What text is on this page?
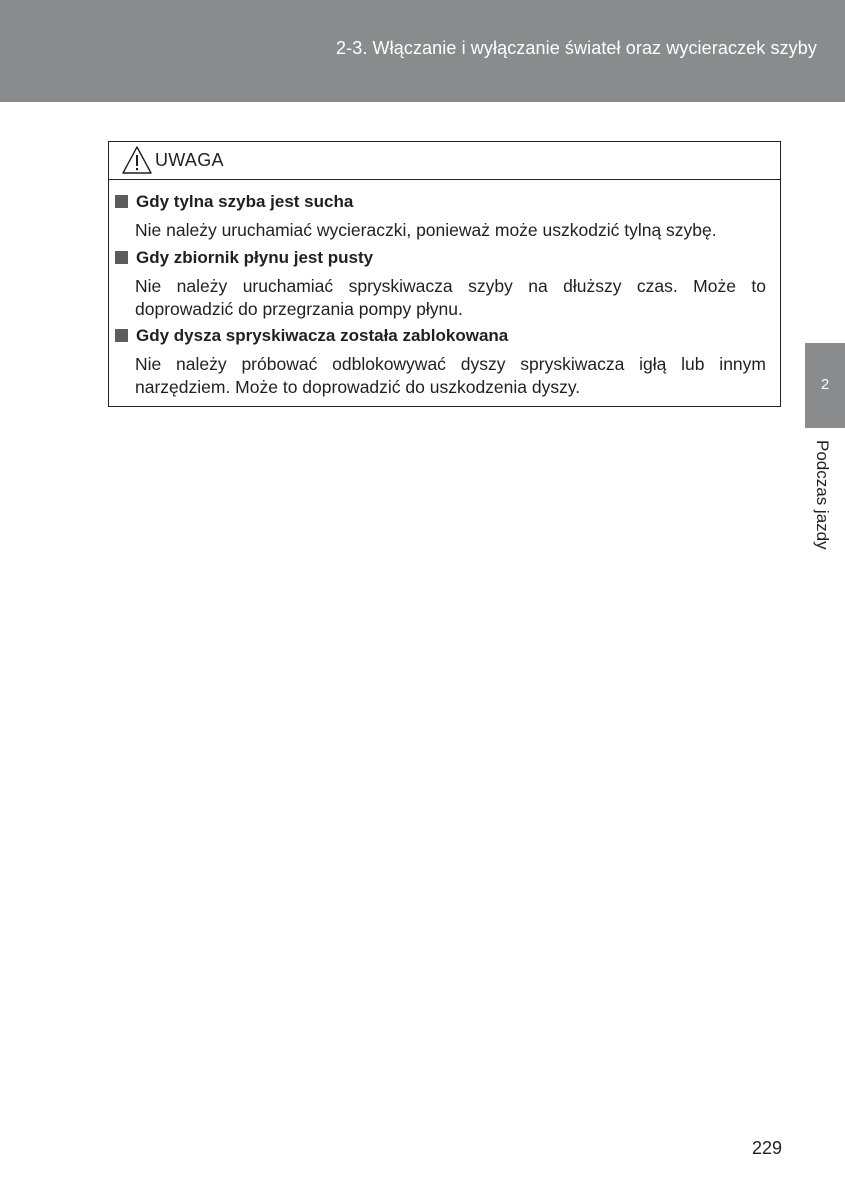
2-3. Włączanie i wyłączanie świateł oraz wycieraczek szyby
UWAGA
Gdy tylna szyba jest sucha
Nie należy uruchamiać wycieraczki, ponieważ może uszkodzić tylną szybę.
Gdy zbiornik płynu jest pusty
Nie należy uruchamiać spryskiwacza szyby na dłuższy czas. Może to doprowadzić do przegrzania pompy płynu.
Gdy dysza spryskiwacza została zablokowana
Nie należy próbować odblokowywać dyszy spryskiwacza igłą lub innym narzędziem. Może to doprowadzić do uszkodzenia dyszy.	2
Podczas jazdy
229
